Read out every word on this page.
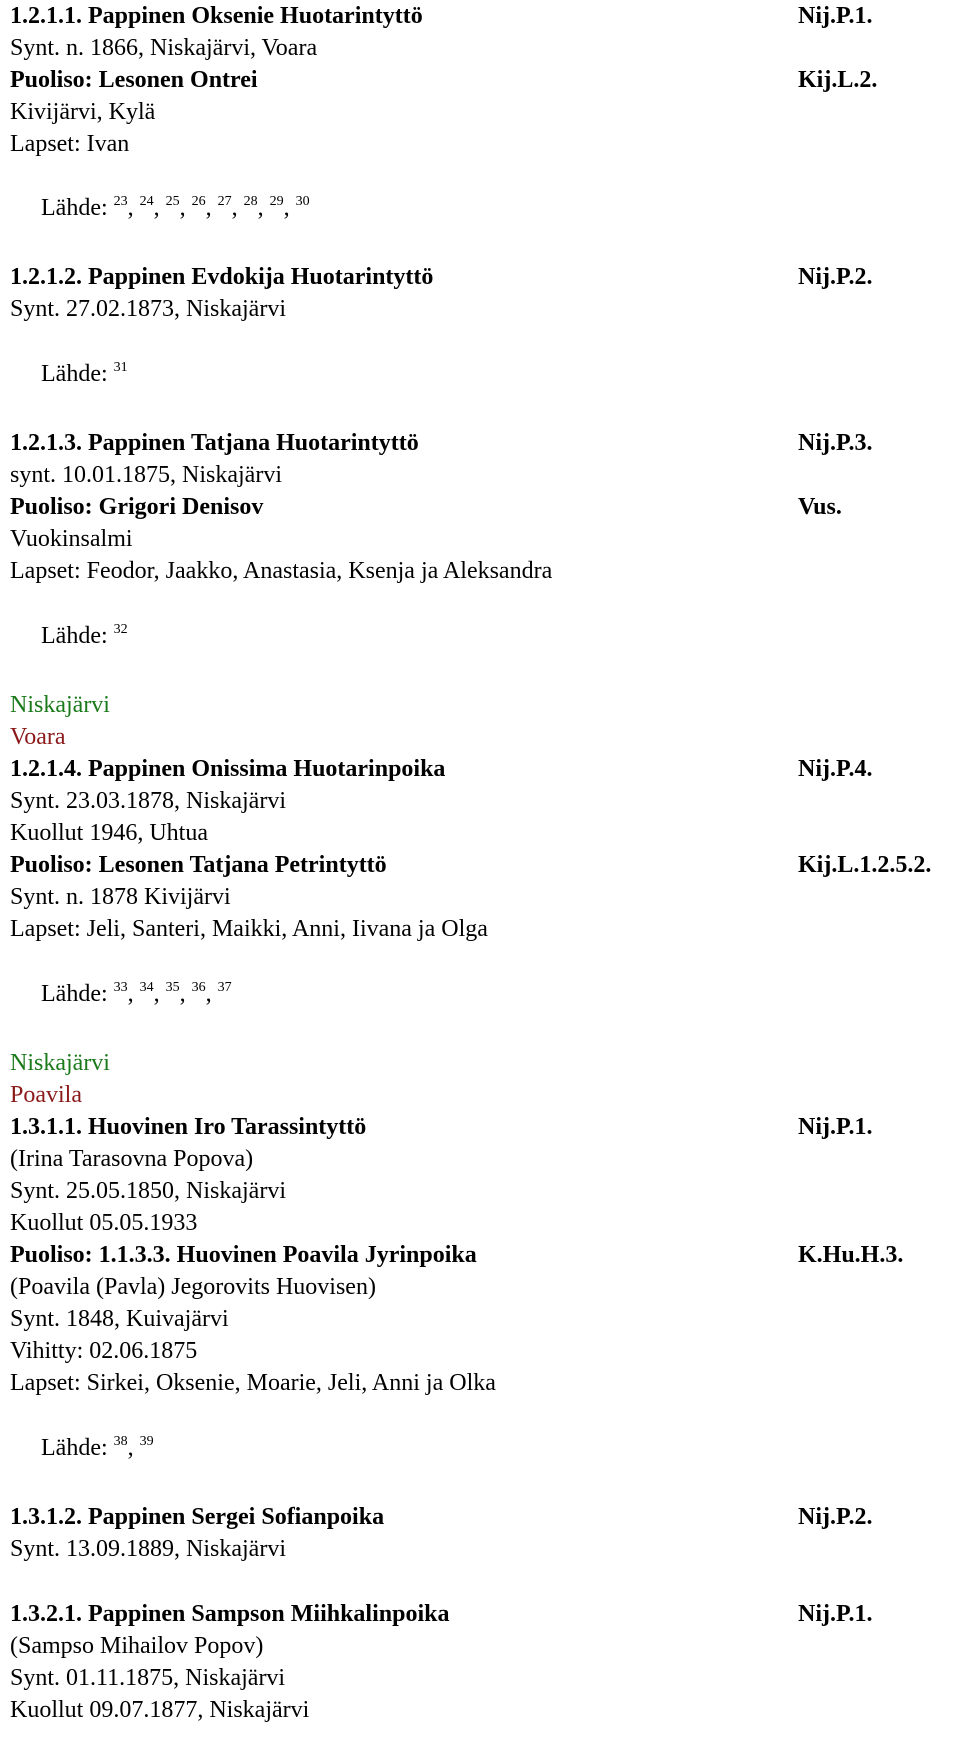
1.2.1.1. Pappinen Oksenie Huotarintyttö	Nij.P.1.
Synt. n. 1866, Niskajärvi, Voara
Puoliso: Lesonen Ontrei	Kij.L.2.
Kivijärvi, Kylä
Lapset: Ivan
Lähde: $^{23}$, $^{24}$, $^{25}$, $^{26}$, $^{27}$, $^{28}$, $^{29}$, $^{30}$
1.2.1.2. Pappinen Evdokija Huotarintyttö	Nij.P.2.
Synt. 27.02.1873, Niskajärvi
Lähde: $^{31}$
1.2.1.3. Pappinen Tatjana Huotarintyttö	Nij.P.3.
synt. 10.01.1875, Niskajärvi
Puoliso: Grigori Denisov	Vus.
Vuokinsalmi
Lapset: Feodor, Jaakko, Anastasia, Ksenja ja Aleksandra
Lähde: $^{32}$
Niskajärvi
Voara
1.2.1.4. Pappinen Onissima Huotarinpoika	Nij.P.4.
Synt. 23.03.1878, Niskajärvi
Kuollut 1946, Uhtua
Puoliso: Lesonen Tatjana Petrintyttö	Kij.L.1.2.5.2.
Synt. n. 1878 Kivijärvi
Lapset: Jeli, Santeri, Maikki, Anni, Iivana ja Olga
Lähde: $^{33}$, $^{34}$, $^{35}$, $^{36}$, $^{37}$
Niskajärvi
Poavila
1.3.1.1. Huovinen Iro Tarassintyttö	Nij.P.1.
(Irina Tarasovna Popova)
Synt. 25.05.1850, Niskajärvi
Kuollut 05.05.1933
Puoliso: 1.1.3.3. Huovinen Poavila Jyrinpoika	K.Hu.H.3.
(Poavila (Pavla) Jegorovits Huovisen)
Synt. 1848, Kuivajärvi
Vihitty: 02.06.1875
Lapset: Sirkei, Oksenie, Moarie, Jeli, Anni ja Olka
Lähde: $^{38}$, $^{39}$
1.3.1.2. Pappinen Sergei Sofianpoika	Nij.P.2.
Synt. 13.09.1889, Niskajärvi
1.3.2.1. Pappinen Sampson Miihkalinpoika	Nij.P.1.
(Sampso Mihailov Popov)
Synt. 01.11.1875, Niskajärvi
Kuollut 09.07.1877, Niskajärvi
